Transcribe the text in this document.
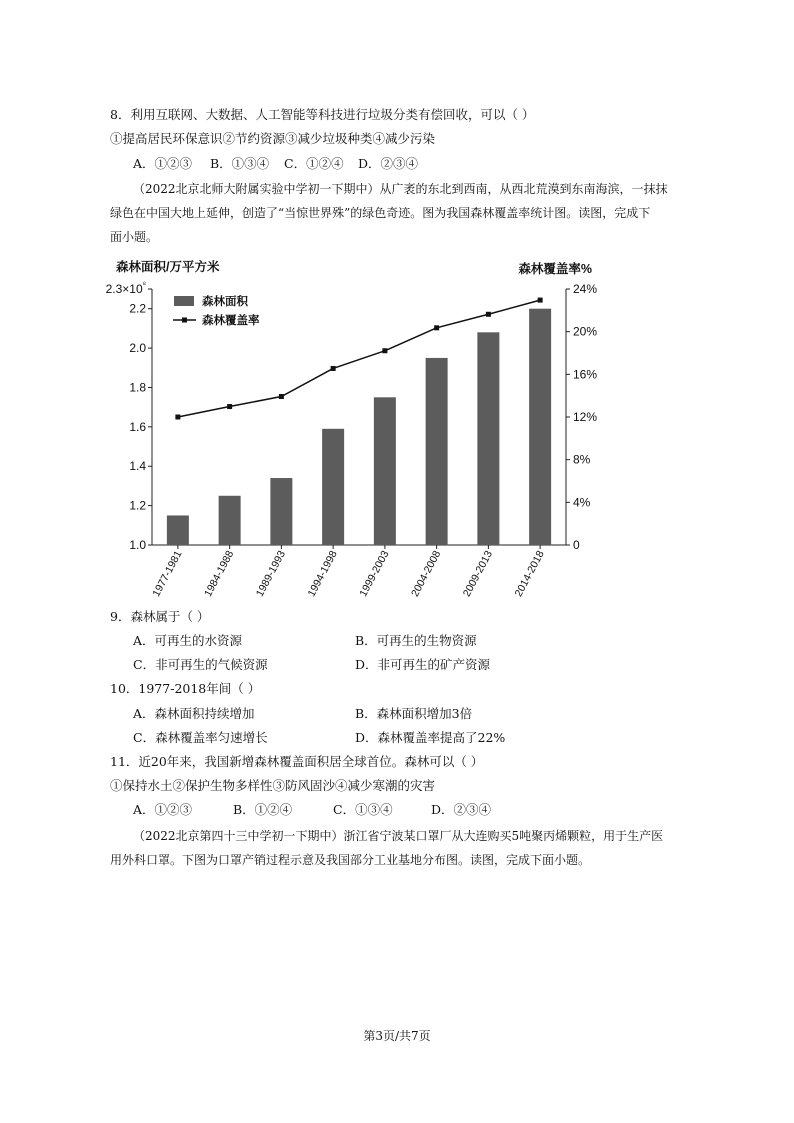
8．利用互联网、大数据、人工智能等科技进行垃圾分类有偿回收，可以（ ）
①提高居民环保意识②节约资源③减少垃圾种类④减少污染
A．①②③ B．①③④ C．①②④ D．②③④
（2022北京北师大附属实验中学初一下期中）从广袤的东北到西南，从西北荒漠到东南海滨，一抹抹
绿色在中国大地上延伸，创造了“当惊世界殊”的绿色奇迹。图为我国森林覆盖率统计图。读图，完成下
面小题。
森林面积/万平方米	森林覆盖率%
1.0
1.2
1.4
1.6
1.8
2.0
2.2
$2.3\times 10^{^8}$
0
4%
8%
12%
16%
20%
24%
1977-1981 1984-1988 1989-1993 1994-1998 1999-2003 2004-2008 2009-2013 2014-2018
森林面积
森林覆盖率
9．森林属于（ ）
A．可再生的水资源	B．可再生的生物资源
C．非可再生的气候资源	D．非可再生的矿产资源
10．1977-2018年间（ ）
A．森林面积持续增加	B．森林面积增加3倍
C．森林覆盖率匀速增长	D．森林覆盖率提高了22%
11．近20年来，我国新增森林覆盖面积居全球首位。森林可以（ ）
①保持水土②保护生物多样性③防风固沙④减少寒潮的灾害
A．①②③	B．①②④	C．①③④	D．②③④
（2022北京第四十三中学初一下期中）浙江省宁波某口罩厂从大连购买5吨聚丙烯颗粒，用于生产医
用外科口罩。下图为口罩产销过程示意及我国部分工业基地分布图。读图，完成下面小题。
第3页/共7页
